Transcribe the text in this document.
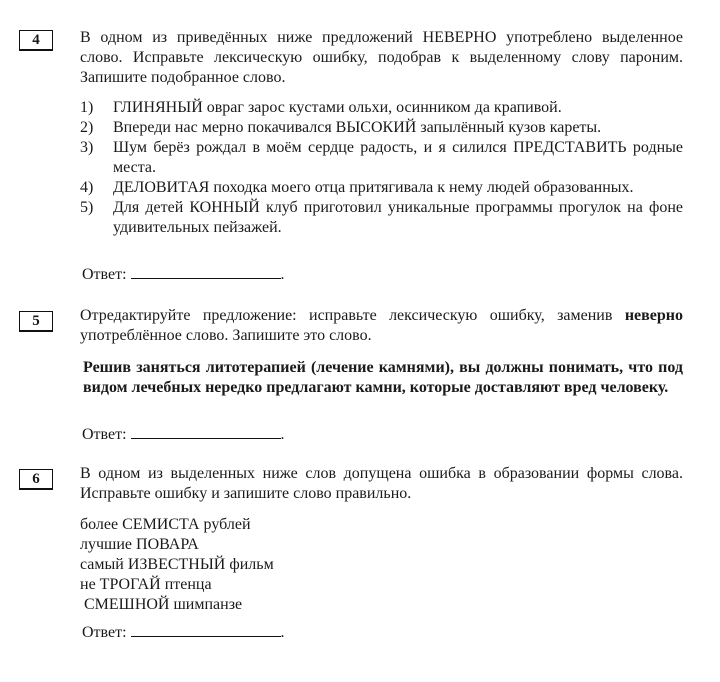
4	В одном из приведённых ниже предложений НЕВЕРНО употреблено выделенное слово. Исправьте лексическую ошибку, подобрав к выделенному слову пароним. Запишите подобранное слово.
1)	ГЛИНЯНЫЙ овраг зарос кустами ольхи, осинником да крапивой.
2)	Впереди нас мерно покачивался ВЫСОКИЙ запылённый кузов кареты.
3)	Шум берёз рождал в моём сердце радость, и я силился ПРЕДСТАВИТЬ родные места.
4)	ДЕЛОВИТАЯ походка моего отца притягивала к нему людей образованных.
5)	Для детей КОННЫЙ клуб приготовил уникальные программы прогулок на фоне удивительных пейзажей.
Ответ:	.
5	Отредактируйте предложение: исправьте лексическую ошибку, заменив неверно употреблённое слово. Запишите это слово.
Решив заняться литотерапией (лечение камнями), вы должны понимать, что под видом лечебных нередко предлагают камни, которые доставляют вред человеку.
Ответ:	.
6	В одном из выделенных ниже слов допущена ошибка в образовании формы слова. Исправьте ошибку и запишите слово правильно.
более СЕМИСТА рублей
лучшие ПОВАРА
самый ИЗВЕСТНЫЙ фильм
не ТРОГАЙ птенца
СМЕШНОЙ шимпанзе
Ответ:	.
